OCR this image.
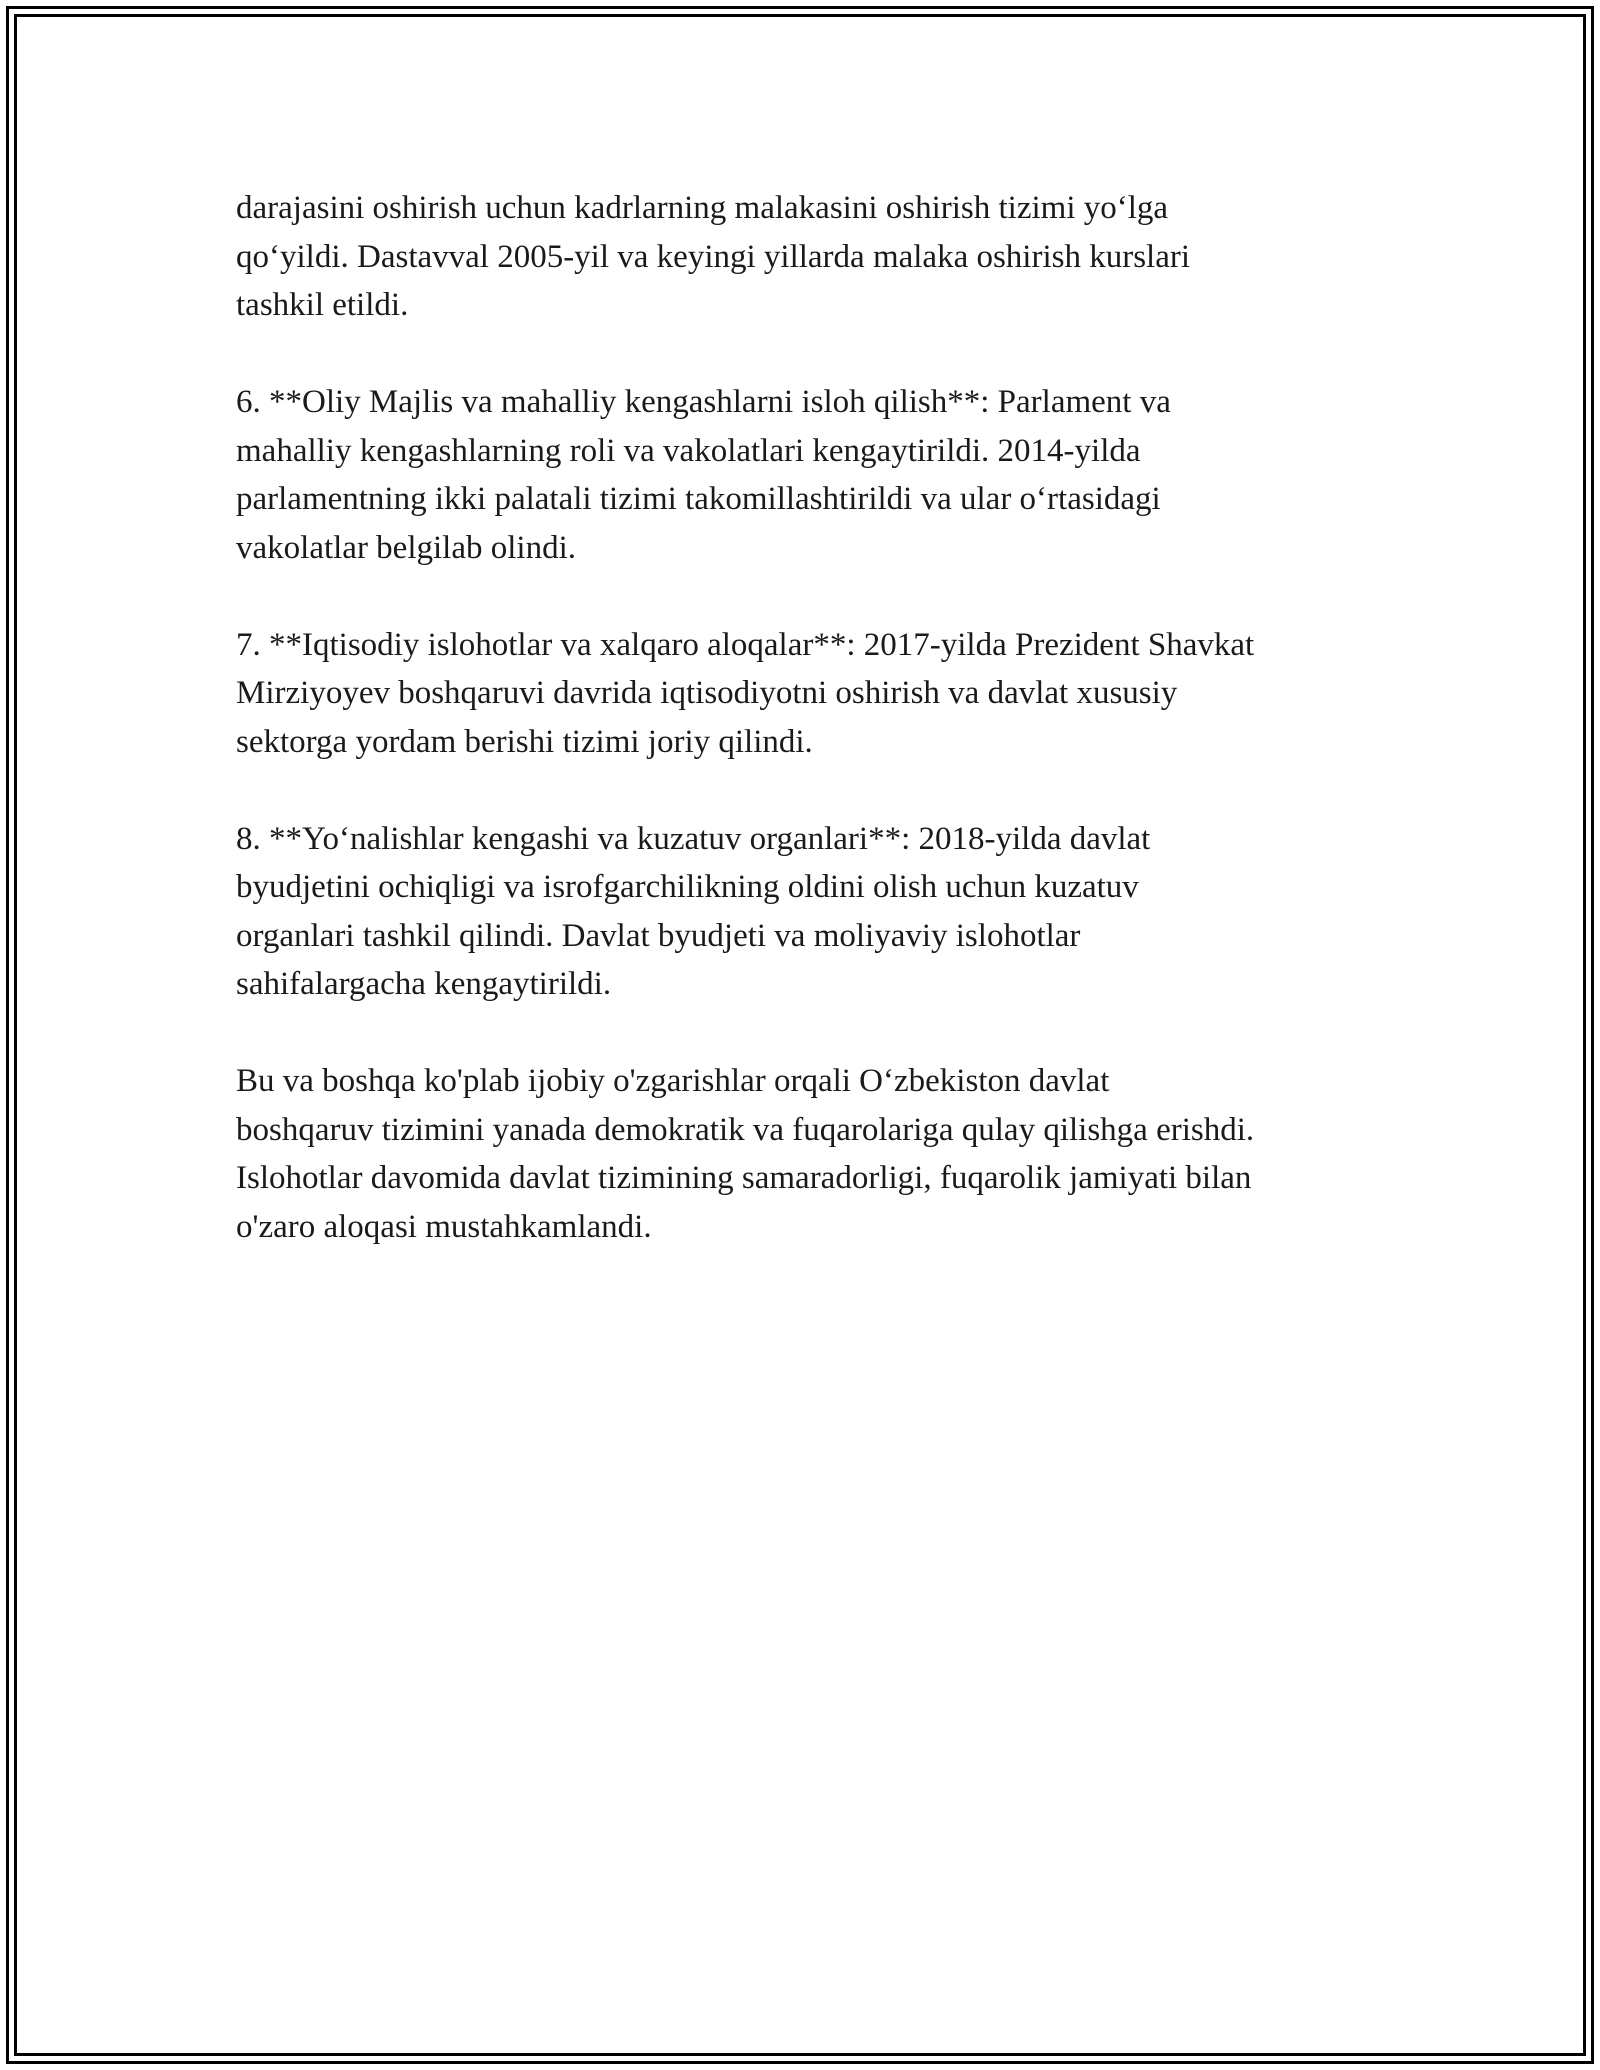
darajasini oshirish uchun kadrlarning malakasini oshirish tizimi yo‘lga
qo‘yildi. Dastavval 2005-yil va keyingi yillarda malaka oshirish kurslari
tashkil etildi.

6. **Oliy Majlis va mahalliy kengashlarni isloh qilish**: Parlament va
mahalliy kengashlarning roli va vakolatlari kengaytirildi. 2014-yilda
parlamentning ikki palatali tizimi takomillashtirildi va ular o‘rtasidagi
vakolatlar belgilab olindi.

7. **Iqtisodiy islohotlar va xalqaro aloqalar**: 2017-yilda Prezident Shavkat
Mirziyoyev boshqaruvi davrida iqtisodiyotni oshirish va davlat xususiy
sektorga yordam berishi tizimi joriy qilindi.

8. **Yo‘nalishlar kengashi va kuzatuv organlari**: 2018-yilda davlat
byudjetini ochiqligi va isrofgarchilikning oldini olish uchun kuzatuv
organlari tashkil qilindi. Davlat byudjeti va moliyaviy islohotlar
sahifalargacha kengaytirildi.

Bu va boshqa ko'plab ijobiy o'zgarishlar orqali O‘zbekiston davlat
boshqaruv tizimini yanada demokratik va fuqarolariga qulay qilishga erishdi.
Islohotlar davomida davlat tizimining samaradorligi, fuqarolik jamiyati bilan
o'zaro aloqasi mustahkamlandi.
